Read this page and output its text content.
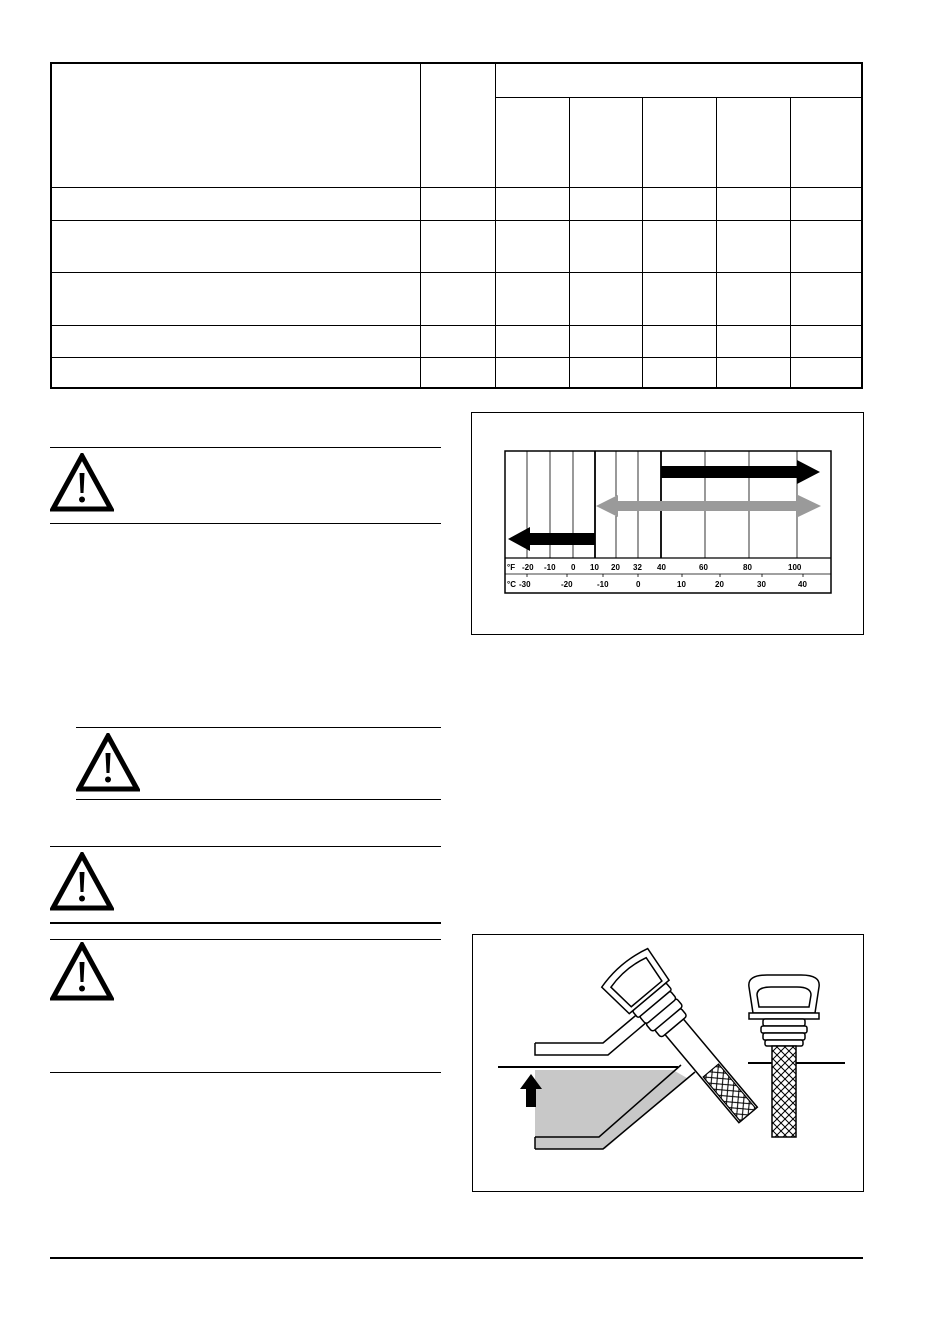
°F -20 -10 0 10 20 32 40	60	80	100
°C -30	-20	-10	0	10	20	30	40
